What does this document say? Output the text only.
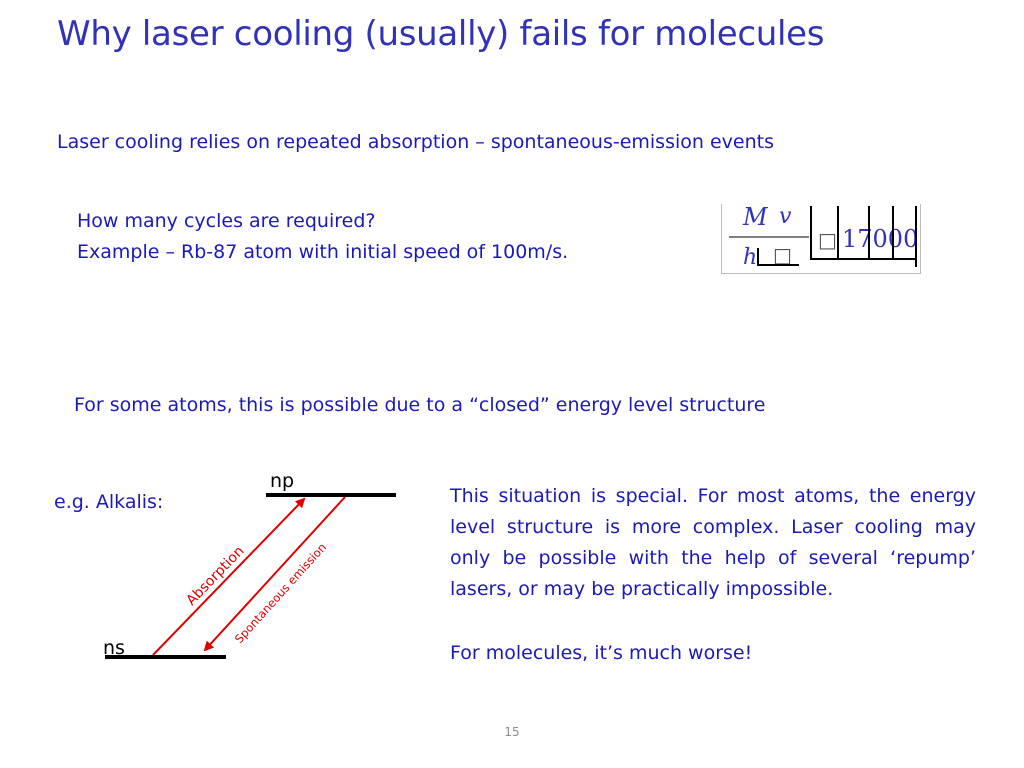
Why laser cooling (usually) fails for molecules
Laser cooling relies on repeated absorption – spontaneous-emission events
How many cycles are required?
Example – Rb-87 atom with initial speed of 100m/s.
M v
h □
□ 17000
For some atoms, this is possible due to a “closed” energy level structure
e.g. Alkalis:
Absorption
Spontaneous emission
np
ns
This situation is special. For most atoms, the energy level structure is more complex. Laser cooling may only be possible with the help of several ‘repump’ lasers, or may be practically impossible.
For molecules, it’s much worse!
15
